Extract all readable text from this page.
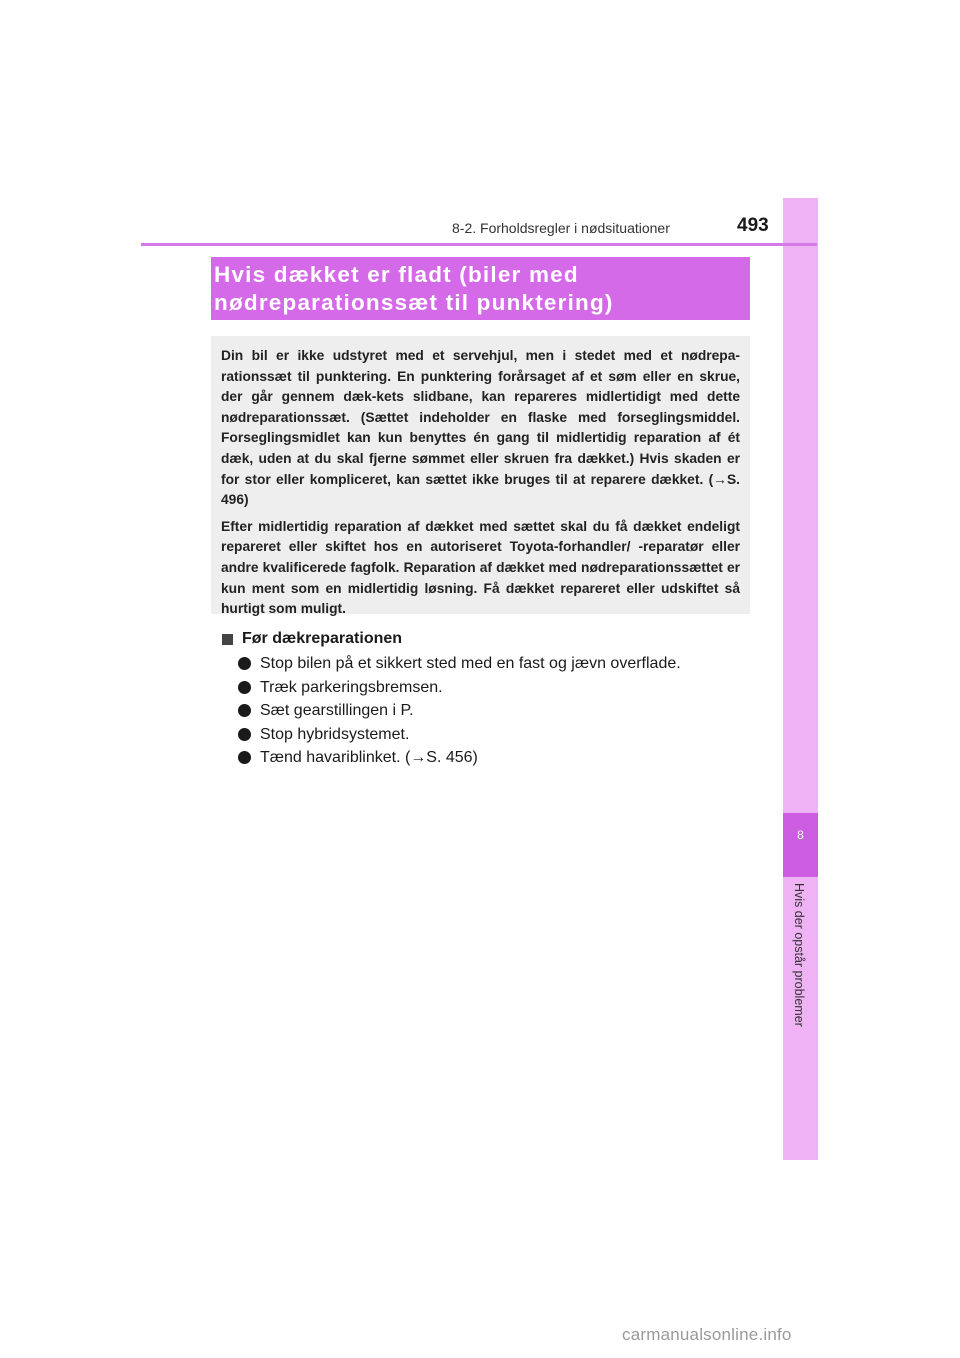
8
Hvis der opstår problemer
8-2. Forholdsregler i nødsituationer	493
Hvis dækket er fladt (biler med nødreparationssæt til punktering)

Din bil er ikke udstyret med et servehjul, men i stedet med et nødrepa-rationssæt til punktering. En punktering forårsaget af et søm eller en skrue, der går gennem dæk-kets slidbane, kan repareres midlertidigt med dette nødreparationssæt. (Sættet indeholder en flaske med forseglingsmiddel. Forseglingsmidlet kan kun benyttes én gang til midlertidig reparation af ét dæk, uden at du skal fjerne sømmet eller skruen fra dækket.) Hvis skaden er for stor eller kompliceret, kan sættet ikke bruges til at reparere dækket. (→S. 496)

Efter midlertidig reparation af dækket med sættet skal du få dækket endeligt repareret eller skiftet hos en autoriseret Toyota-forhandler/ -reparatør eller andre kvalificerede fagfolk. Reparation af dækket med nødreparationssættet er kun ment som en midlertidig løsning. Få dækket repareret eller udskiftet så hurtigt som muligt.

Før dækreparationen
Stop bilen på et sikkert sted med en fast og jævn overflade.
Træk parkeringsbremsen.
Sæt gearstillingen i P.
Stop hybridsystemet.
Tænd havariblinket. (→S. 456)
carmanualsonline.info
